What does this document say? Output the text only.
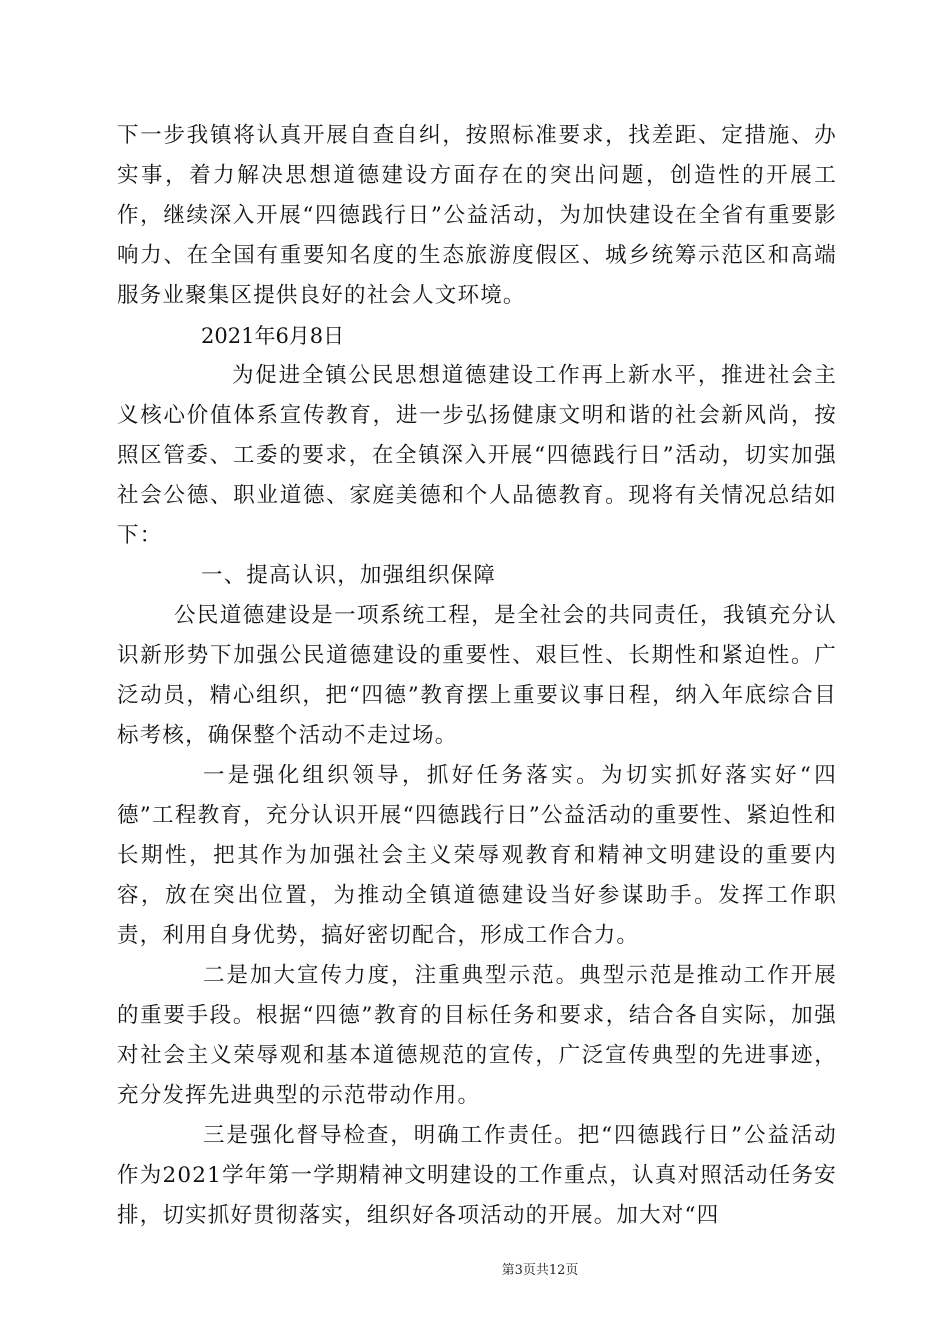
下一步我镇将认真开展自查自纠，按照标准要求，找差距、定措施、办实事，着力解决思想道德建设方面存在的突出问题，创造性的开展工作，继续深入开展“四德践行日”公益活动，为加快建设在全省有重要影响力、在全国有重要知名度的生态旅游度假区、城乡统筹示范区和高端服务业聚集区提供良好的社会人文环境。

2021年6月8日

为促进全镇公民思想道德建设工作再上新水平，推进社会主义核心价值体系宣传教育，进一步弘扬健康文明和谐的社会新风尚，按照区管委、工委的要求，在全镇深入开展“四德践行日”活动，切实加强社会公德、职业道德、家庭美德和个人品德教育。现将有关情况总结如下：

一、提高认识，加强组织保障

公民道德建设是一项系统工程，是全社会的共同责任，我镇充分认识新形势下加强公民道德建设的重要性、艰巨性、长期性和紧迫性。广泛动员，精心组织，把“四德”教育摆上重要议事日程，纳入年底综合目标考核，确保整个活动不走过场。

一是强化组织领导，抓好任务落实。为切实抓好落实好“四德”工程教育，充分认识开展“四德践行日”公益活动的重要性、紧迫性和长期性，把其作为加强社会主义荣辱观教育和精神文明建设的重要内容，放在突出位置，为推动全镇道德建设当好参谋助手。发挥工作职责，利用自身优势，搞好密切配合，形成工作合力。

二是加大宣传力度，注重典型示范。典型示范是推动工作开展的重要手段。根据“四德”教育的目标任务和要求，结合各自实际，加强对社会主义荣辱观和基本道德规范的宣传，广泛宣传典型的先进事迹，充分发挥先进典型的示范带动作用。

三是强化督导检查，明确工作责任。把“四德践行日”公益活动作为2021学年第一学期精神文明建设的工作重点，认真对照活动任务安排，切实抓好贯彻落实，组织好各项活动的开展。加大对“四

第3页共12页
